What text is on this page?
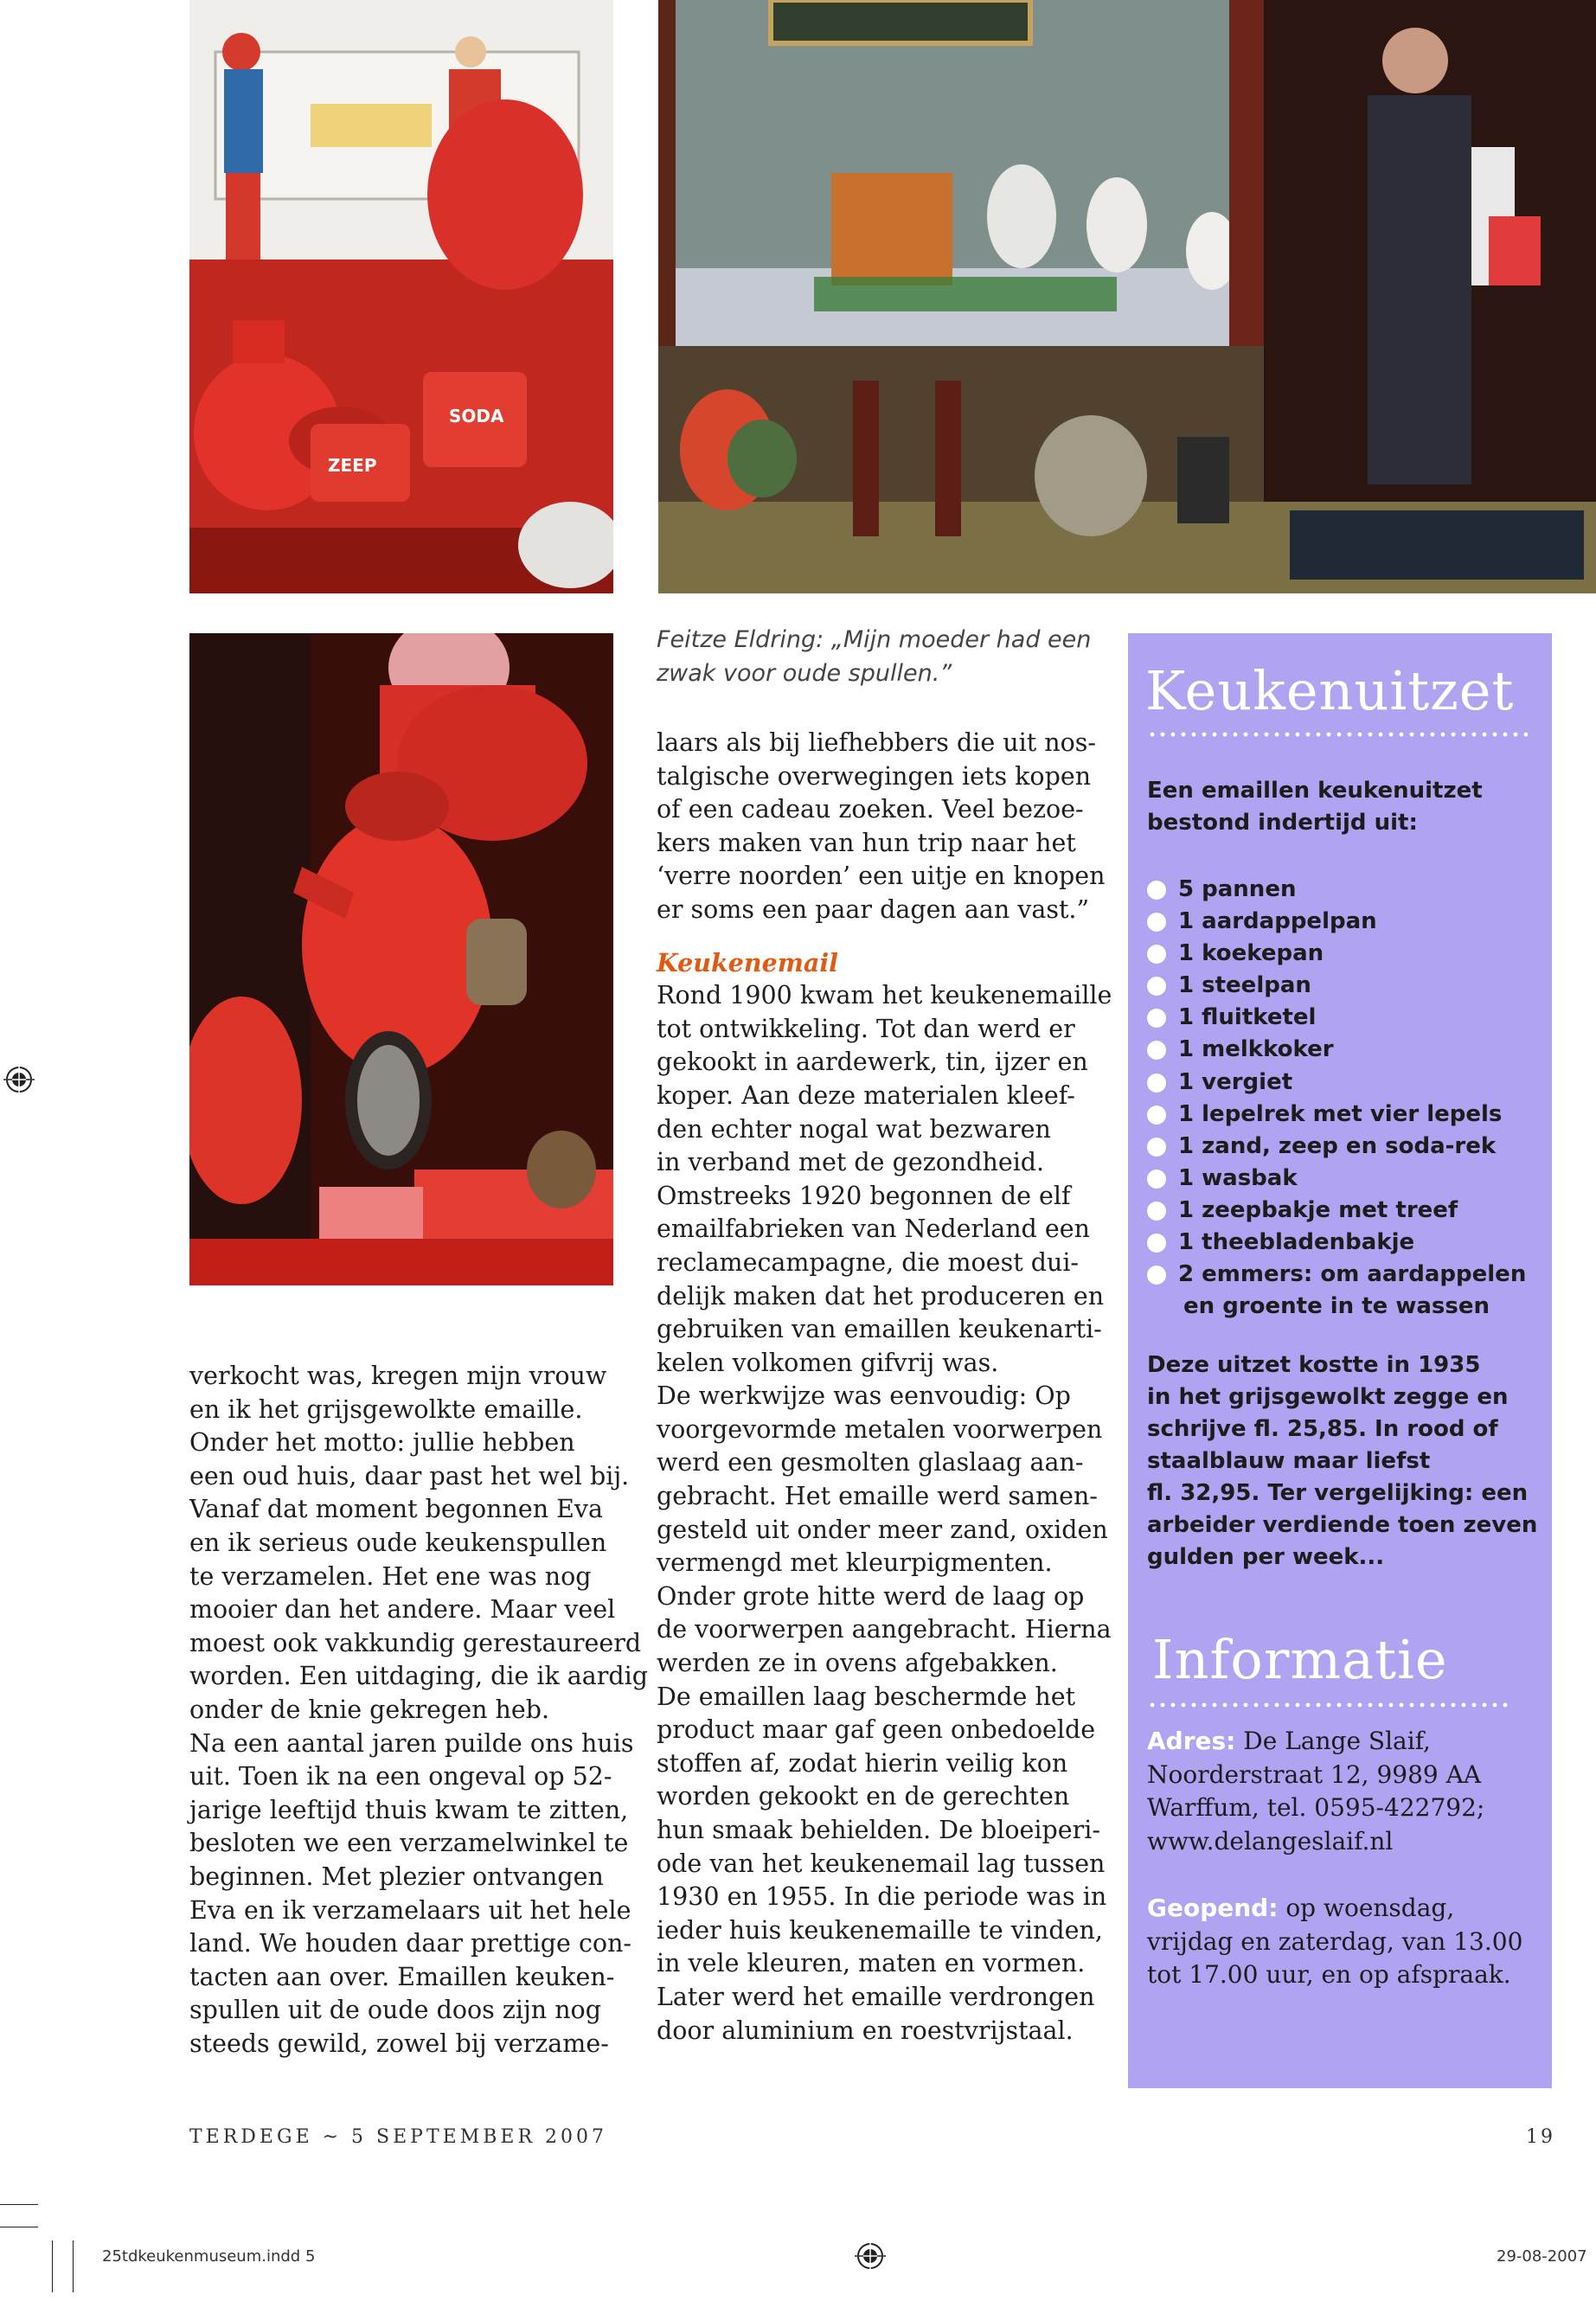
ZEEP
SODA

Feitze Eldring: „Mijn moeder had een

zwak voor oude spullen.”

verkocht was, kregen mijn vrouw

en ik het grijsgewolkte emaille.

Onder het motto: jullie hebben

een oud huis, daar past het wel bij.

Vanaf dat moment begonnen Eva

en ik serieus oude keukenspullen

te verzamelen. Het ene was nog

mooier dan het andere. Maar veel

moest ook vakkundig gerestaureerd

worden. Een uitdaging, die ik aardig

onder de knie gekregen heb.

Na een aantal jaren puilde ons huis

uit. Toen ik na een ongeval op 52-

jarige leeftijd thuis kwam te zitten,

besloten we een verzamelwinkel te

beginnen. Met plezier ontvangen

Eva en ik verzamelaars uit het hele

land. We houden daar prettige con-

tacten aan over. Emaillen keuken-

spullen uit de oude doos zijn nog

steeds gewild, zowel bij verzame-

laars als bij liefhebbers die uit nos-

talgische overwegingen iets kopen

of een cadeau zoeken. Veel bezoe-

kers maken van hun trip naar het

‘verre noorden’ een uitje en knopen

er soms een paar dagen aan vast.”

Keukenemail

Rond 1900 kwam het keukenemaille

tot ontwikkeling. Tot dan werd er

gekookt in aardewerk, tin, ijzer en

koper. Aan deze materialen kleef-

den echter nogal wat bezwaren

in verband met de gezondheid.

Omstreeks 1920 begonnen de elf

emailfabrieken van Nederland een

reclamecampagne, die moest dui-

delijk maken dat het produceren en

gebruiken van emaillen keukenarti-

kelen volkomen gifvrij was.

De werkwijze was eenvoudig: Op

voorgevormde metalen voorwerpen

werd een gesmolten glaslaag aan-

gebracht. Het emaille werd samen-

gesteld uit onder meer zand, oxiden

vermengd met kleurpigmenten.

Onder grote hitte werd de laag op

de voorwerpen aangebracht. Hierna

werden ze in ovens afgebakken.

De emaillen laag beschermde het

product maar gaf geen onbedoelde

stoffen af, zodat hierin veilig kon

worden gekookt en de gerechten

hun smaak behielden. De bloeiperi-

ode van het keukenemail lag tussen

1930 en 1955. In die periode was in

ieder huis keukenemaille te vinden,

in vele kleuren, maten en vormen.

Later werd het emaille verdrongen

door aluminium en roestvrijstaal.

Keukenuitzet

Een emaillen keukenuitzet

bestond indertijd uit:

5 pannen
1 aardappelpan
1 koekepan
1 steelpan
1 fluitketel
1 melkkoker
1 vergiet
1 lepelrek met vier lepels
1 zand, zeep en soda-rek
1 wasbak
1 zeepbakje met treef
1 theebladenbakje
2 emmers: om aardappelen
en groente in te wassen

Deze uitzet kostte in 1935

in het grijsgewolkt zegge en

schrijve fl. 25,85. In rood of

staalblauw maar liefst

fl. 32,95. Ter vergelijking: een

arbeider verdiende toen zeven

gulden per week...

Informatie

Adres: De Lange Slaif,

Noorderstraat 12, 9989 AA

Warffum, tel. 0595-422792;

www.delangeslaif.nl

Geopend: op woensdag,

vrijdag en zaterdag, van 13.00

tot 17.00 uur, en op afspraak.

TERDEGE ~ 5 SEPTEMBER 2007	19
25tdkeukenmuseum.indd 5	29-08-2007
